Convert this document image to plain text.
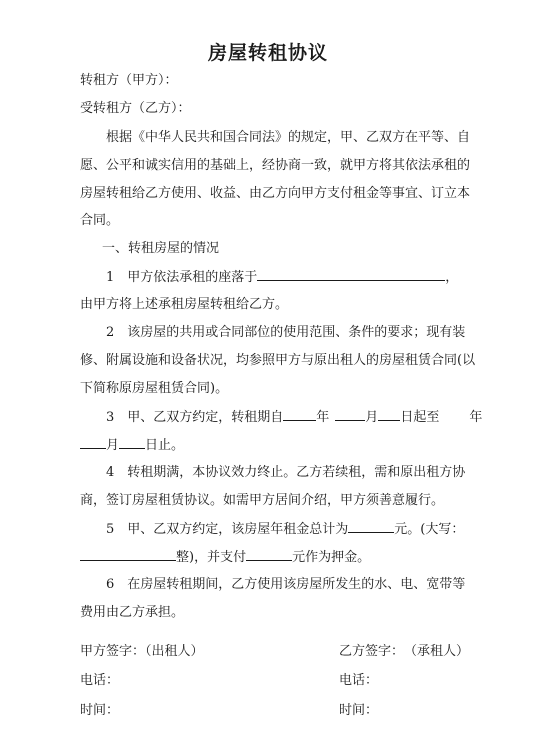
房屋转租协议
转租方（甲方）：
受转租方（乙方）：
根据《中华人民共和国合同法》的规定，甲、乙双方在平等、自
愿、公平和诚实信用的基础上，经协商一致，就甲方将其依法承租的
房屋转租给乙方使用、收益、由乙方向甲方支付租金等事宜、订立本
合同。
一、转租房屋的情况
1　甲方依法承租的座落于	，
由甲方将上述承租房屋转租给乙方。
2　该房屋的共用或合同部位的使用范围、条件的要求；现有装
修、附属设施和设备状况，均参照甲方与原出租人的房屋租赁合同(以
下简称原房屋租赁合同)。
3　甲、乙双方约定，转租期自	年	月 日起至 年
月 日止。
4　转租期满，本协议效力终止。乙方若续租，需和原出租方协
商，签订房屋租赁协议。如需甲方居间介绍，甲方须善意履行。
5　甲、乙双方约定，该房屋年租金总计为	元。(大写：
整)，并支付	元作为押金。
6　在房屋转租期间，乙方使用该房屋所发生的水、电、宽带等
费用由乙方承担。
甲方签字：（出租人）	乙方签字：　（承租人）
电话：	电话：
时间：	时间：
